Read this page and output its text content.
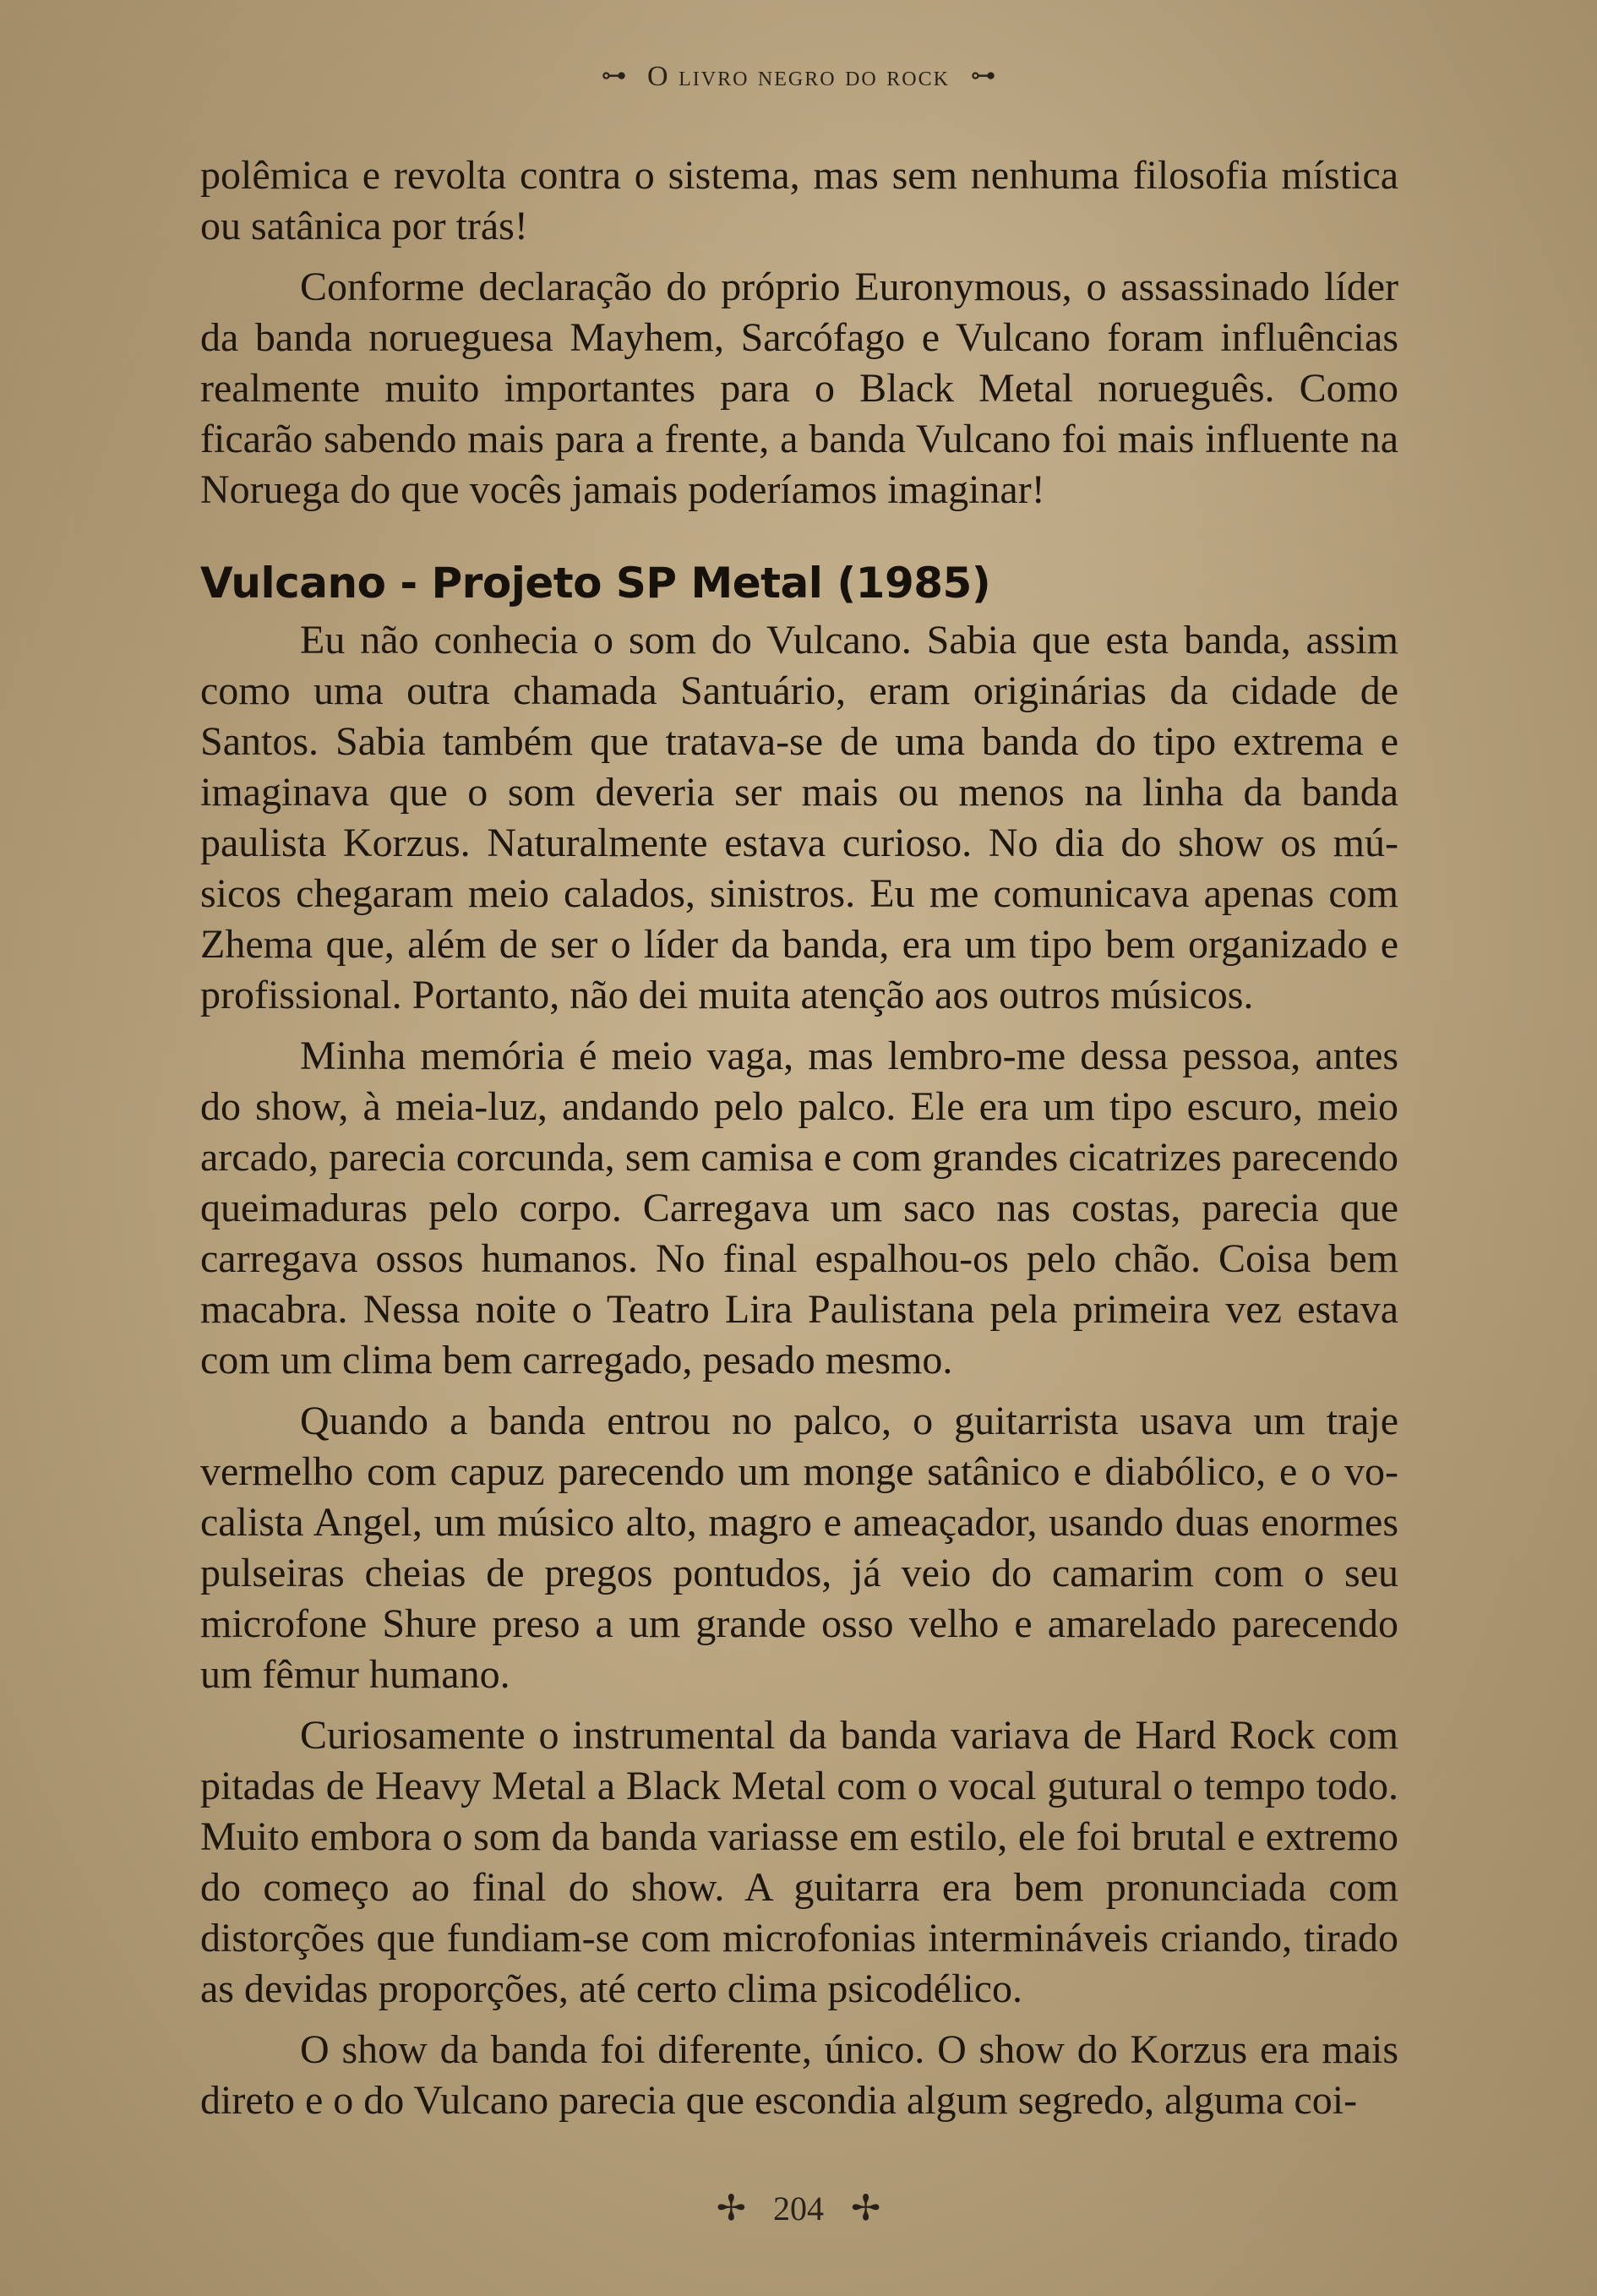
⊶ O livro negro do rock ⊶

polêmica e revolta contra o sistema, mas sem nenhuma filosofia mística ou satânica por trás!

Conforme declaração do próprio Euronymous, o assassinado líder da banda norueguesa Mayhem, Sarcófago e Vulcano foram influências realmente muito importantes para o Black Metal norueguês. Como ficarão sabendo mais para a frente, a banda Vulcano foi mais influente na Noruega do que vocês jamais poderíamos imaginar!

Vulcano - Projeto SP Metal (1985)

Eu não conhecia o som do Vulcano. Sabia que esta banda, assim como uma outra chamada Santuário, eram originárias da cidade de Santos. Sabia também que tratava-se de uma banda do tipo extrema e imaginava que o som deveria ser mais ou menos na linha da banda paulista Korzus. Naturalmente estava curioso. No dia do show os músicos chegaram meio calados, sinistros. Eu me comunicava apenas com Zhema que, além de ser o líder da banda, era um tipo bem organizado e profissional. Portanto, não dei muita atenção aos outros músicos.

Minha memória é meio vaga, mas lembro-me dessa pessoa, antes do show, à meia-luz, andando pelo palco. Ele era um tipo escuro, meio arcado, parecia corcunda, sem camisa e com grandes cicatrizes parecendo queimaduras pelo corpo. Carregava um saco nas costas, parecia que carregava ossos humanos. No final espalhou-os pelo chão. Coisa bem macabra. Nessa noite o Teatro Lira Paulistana pela primeira vez estava com um clima bem carregado, pesado mesmo.

Quando a banda entrou no palco, o guitarrista usava um traje vermelho com capuz parecendo um monge satânico e diabólico, e o vocalista Angel, um músico alto, magro e ameaçador, usando duas enormes pulseiras cheias de pregos pontudos, já veio do camarim com o seu microfone Shure preso a um grande osso velho e amarelado parecendo um fêmur humano.

Curiosamente o instrumental da banda variava de Hard Rock com pitadas de Heavy Metal a Black Metal com o vocal gutural o tempo todo. Muito embora o som da banda variasse em estilo, ele foi brutal e extremo do começo ao final do show. A guitarra era bem pronunciada com distorções que fundiam-se com microfonias intermináveis criando, tirado as devidas proporções, até certo clima psicodélico.

O show da banda foi diferente, único. O show do Korzus era mais direto e o do Vulcano parecia que escondia algum segredo, alguma coi-

✢ 204 ✢
